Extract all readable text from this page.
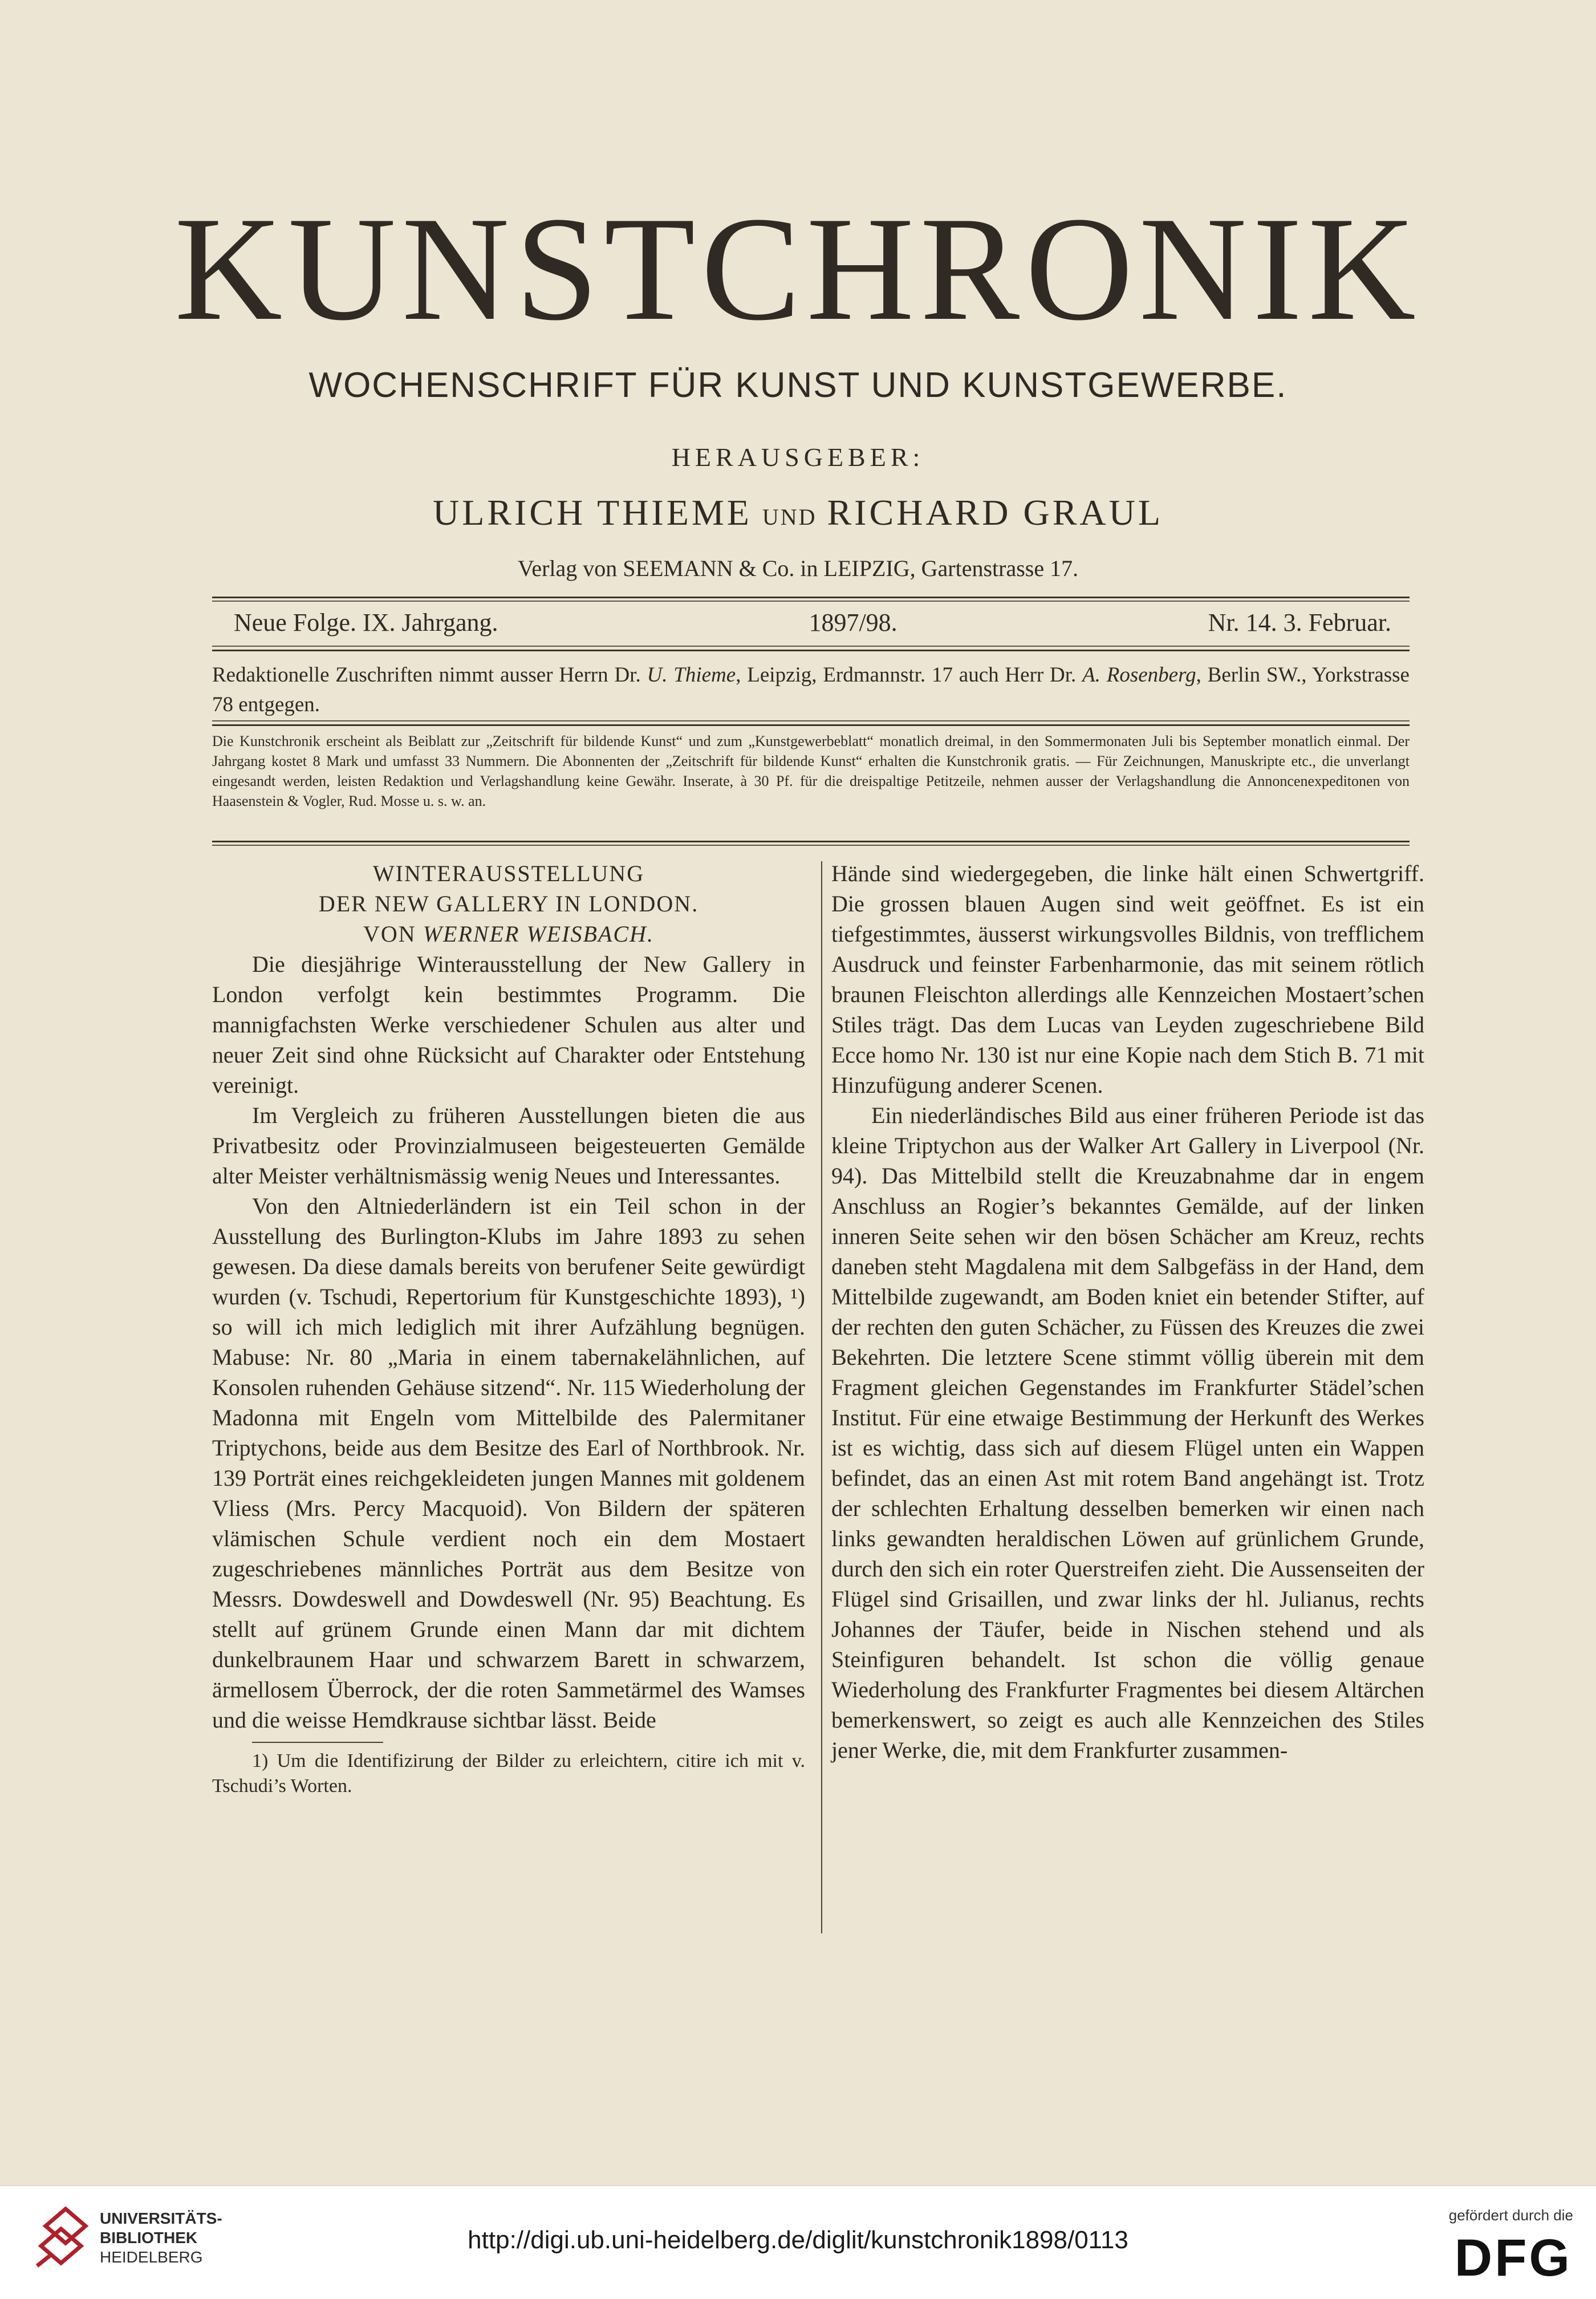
KUNSTCHRONIK
WOCHENSCHRIFT FÜR KUNST UND KUNSTGEWERBE.
HERAUSGEBER:
ULRICH THIEME UND RICHARD GRAUL
Verlag von SEEMANN & Co. in LEIPZIG, Gartenstrasse 17.
Neue Folge. IX. Jahrgang.	1897/98.	Nr. 14. 3. Februar.
Redaktionelle Zuschriften nimmt ausser Herrn Dr. U. Thieme, Leipzig, Erdmannstr. 17 auch Herr Dr. A. Rosenberg, Berlin SW., Yorkstrasse 78 entgegen.
Die Kunstchronik erscheint als Beiblatt zur „Zeitschrift für bildende Kunst“ und zum „Kunstgewerbeblatt“ monatlich dreimal, in den Sommermonaten Juli bis September monatlich einmal. Der Jahrgang kostet 8 Mark und umfasst 33 Nummern. Die Abonnenten der „Zeitschrift für bildende Kunst“ erhalten die Kunstchronik gratis. — Für Zeichnungen, Manuskripte etc., die unverlangt eingesandt werden, leisten Redaktion und Verlagshandlung keine Gewähr. Inserate, à 30 Pf. für die dreispaltige Petitzeile, nehmen ausser der Verlagshandlung die Annoncenexpeditonen von Haasenstein & Vogler, Rud. Mosse u. s. w. an.

WINTERAUSSTELLUNG

DER NEW GALLERY IN LONDON.

VON WERNER WEISBACH.

Die diesjährige Winterausstellung der New Gallery in London verfolgt kein bestimmtes Programm. Die mannigfachsten Werke verschiedener Schulen aus alter und neuer Zeit sind ohne Rücksicht auf Charakter oder Entstehung vereinigt.

Im Vergleich zu früheren Ausstellungen bieten die aus Privatbesitz oder Provinzialmuseen beigesteuerten Gemälde alter Meister verhältnismässig wenig Neues und Interessantes.

Von den Altniederländern ist ein Teil schon in der Ausstellung des Burlington-Klubs im Jahre 1893 zu sehen gewesen. Da diese damals bereits von berufener Seite gewürdigt wurden (v. Tschudi, Repertorium für Kunstgeschichte 1893), ¹) so will ich mich lediglich mit ihrer Aufzählung begnügen. Mabuse: Nr. 80 „Maria in einem tabernakelähnlichen, auf Konsolen ruhenden Gehäuse sitzend“. Nr. 115 Wiederholung der Madonna mit Engeln vom Mittelbilde des Palermitaner Triptychons, beide aus dem Besitze des Earl of Northbrook. Nr. 139 Porträt eines reichgekleideten jungen Mannes mit goldenem Vliess (Mrs. Percy Macquoid). Von Bildern der späteren vlämischen Schule verdient noch ein dem Mostaert zugeschriebenes männliches Porträt aus dem Besitze von Messrs. Dowdeswell and Dowdeswell (Nr. 95) Beachtung. Es stellt auf grünem Grunde einen Mann dar mit dichtem dunkelbraunem Haar und schwarzem Barett in schwarzem, ärmellosem Überrock, der die roten Sammetärmel des Wamses und die weisse Hemdkrause sichtbar lässt. Beide

1) Um die Identifizirung der Bilder zu erleichtern, citire ich mit v. Tschudi’s Worten.

Hände sind wiedergegeben, die linke hält einen Schwertgriff. Die grossen blauen Augen sind weit geöffnet. Es ist ein tiefgestimmtes, äusserst wirkungsvolles Bildnis, von trefflichem Ausdruck und feinster Farbenharmonie, das mit seinem rötlich braunen Fleischton allerdings alle Kennzeichen Mostaert’schen Stiles trägt. Das dem Lucas van Leyden zugeschriebene Bild Ecce homo Nr. 130 ist nur eine Kopie nach dem Stich B. 71 mit Hinzufügung anderer Scenen.

Ein niederländisches Bild aus einer früheren Periode ist das kleine Triptychon aus der Walker Art Gallery in Liverpool (Nr. 94). Das Mittelbild stellt die Kreuzabnahme dar in engem Anschluss an Rogier’s bekanntes Gemälde, auf der linken inneren Seite sehen wir den bösen Schächer am Kreuz, rechts daneben steht Magdalena mit dem Salbgefäss in der Hand, dem Mittelbilde zugewandt, am Boden kniet ein betender Stifter, auf der rechten den guten Schächer, zu Füssen des Kreuzes die zwei Bekehrten. Die letztere Scene stimmt völlig überein mit dem Fragment gleichen Gegenstandes im Frankfurter Städel’schen Institut. Für eine etwaige Bestimmung der Herkunft des Werkes ist es wichtig, dass sich auf diesem Flügel unten ein Wappen befindet, das an einen Ast mit rotem Band angehängt ist. Trotz der schlechten Erhaltung desselben bemerken wir einen nach links gewandten heraldischen Löwen auf grünlichem Grunde, durch den sich ein roter Querstreifen zieht. Die Aussenseiten der Flügel sind Grisaillen, und zwar links der hl. Julianus, rechts Johannes der Täufer, beide in Nischen stehend und als Steinfiguren behandelt. Ist schon die völlig genaue Wiederholung des Frankfurter Fragmentes bei diesem Altärchen bemerkenswert, so zeigt es auch alle Kennzeichen des Stiles jener Werke, die, mit dem Frankfurter zusammen-

UNIVERSITÄTS-
BIBLIOTHEK
HEIDELBERG
http://digi.ub.uni-heidelberg.de/diglit/kunstchronik1898/0113
gefördert durch die
DFG
